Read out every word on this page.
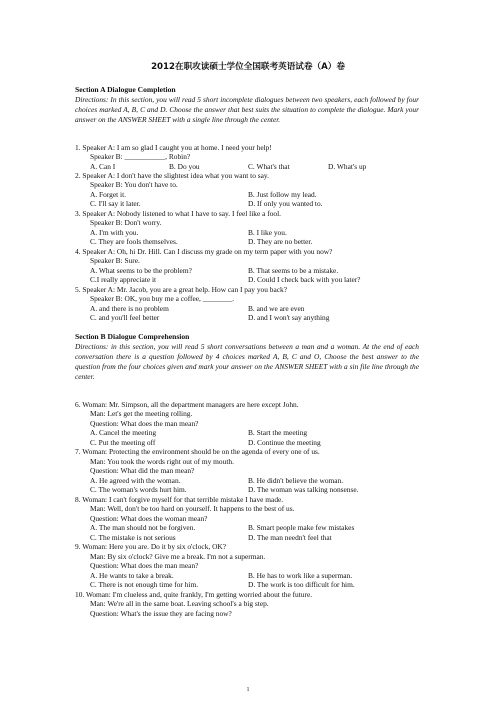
2012在职攻读硕士学位全国联考英语试卷（A）卷
Section A Dialogue Completion
Directions: In this section, you will read 5 short incomplete dialogues between two speakers, each followed by four choices marked A, B, C and D. Choose the answer that best suits the situation to complete the dialogue. Mark your answer on the ANSWER SHEET with a single line through the center.
1. Speaker A: I am so glad I caught you at home. I need your help!
Speaker B: ___________, Robin?
A. Can I	B. Do you	C. What's that	D. What's up
2. Speaker A: I don't have the slightest idea what you want to say.
Speaker B: You don't have to.
A. Forget it.	B. Just follow my lead.
C. I'll say it later.	D. If only you wanted to.
3. Speaker A: Nobody listened to what I have to say. I feel like a fool.
Speaker B: Don't worry.
A. I'm with you.	B. I like you.
C. They are fools themselves.	D. They are no better.
4. Speaker A: Oh, hi Dr. Hill. Can I discuss my grade on my term paper with you now?
Speaker B: Sure.
A. What seems to be the problem?	B. That seems to be a mistake.
C.I really appreciate it	D. Could I check back with you later?
5. Speaker A: Mr. Jacob, you are a great help. How can I pay you back?
Speaker B: OK, you buy me a coffee, ________.
A. and there is no problem	B. and we are even
C. and you'll feel better	D. and I won't say anything
Section B Dialogue Comprehension
Directions: in this section, you will read 5 short conversations between a man and a woman. At the end of each conversation there is a question followed by 4 choices marked A, B, C and O, Choose the best answer to the question from the four choices given and mark your answer on the ANSWER SHEET with a sin file line through the center.
6. Woman: Mr. Simpson, all the department managers are here except John.
Man: Let's get the meeting rolling.
Question: What does the man mean?
A. Cancel the meeting	B. Start the meeting
C. Put the meeting off	D. Continue the meeting
7. Woman: Protecting the environment should be on the agenda of every one of us.
Man: You took the words right out of my mouth.
Question: What did the man mean?
A. He agreed with the woman.	B. He didn't believe the woman.
C. The woman's words hurt him.	D. The woman was talking nonsense.
8. Woman: I can't forgive myself for that terrible mistake I have made.
Man: Well, don't be too hard on yourself. It happens to the best of us.
Question: What does the woman mean?
A. The man should not be forgiven.	B. Smart people make few mistakes
C. The mistake is not serious	D. The man needn't feel that
9. Woman: Here you are. Do it by six o'clock, OK?
Man: By six o'clock? Give me a break. I'm not a superman.
Question: What does the man mean?
A. He wants to take a break.	B. He has to work like a superman.
C. There is not enough time for him.	D. The work is too difficult for him.
10. Woman: I'm clueless and, quite frankly, I'm getting worried about the future.
Man: We're all in the same boat. Leaving school's a big step.
Question: What's the issue they are facing now?
1
